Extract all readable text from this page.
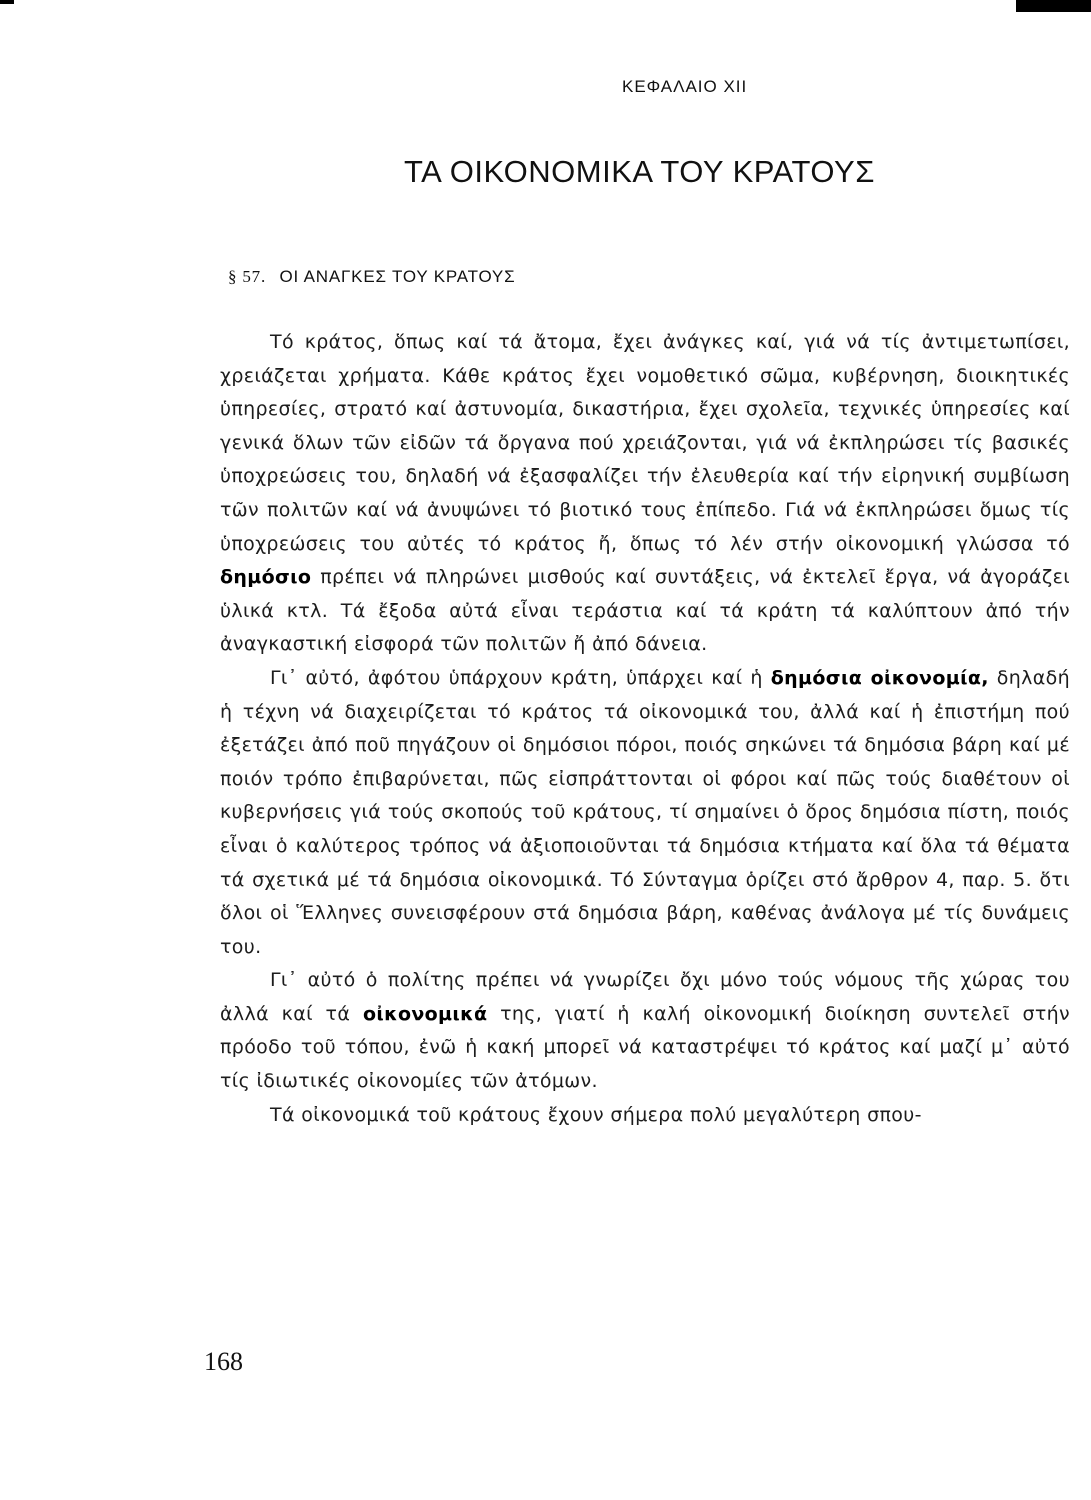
ΚΕΦΑΛΑΙΟ XII
ΤΑ ΟΙΚΟΝΟΜΙΚΑ ΤΟΥ ΚΡΑΤΟΥΣ
§ 57. ΟΙ ΑΝΑΓΚΕΣ ΤΟΥ ΚΡΑΤΟΥΣ

Τό κράτος, ὅπως καί τά ἄτομα, ἔχει ἀνάγκες καί, γιά νά τίς ἀντιμετωπίσει, χρειάζεται χρήματα. Κάθε κράτος ἔχει νομοθετικό σῶμα, κυβέρνηση, διοικητικές ὑπηρεσίες, στρατό καί ἀστυνομία, δικαστήρια, ἔχει σχολεῖα, τεχνικές ὑπηρεσίες καί γενικά ὅλων τῶν εἰδῶν τά ὄργανα πού χρειάζονται, γιά νά ἐκπληρώσει τίς βασικές ὑποχρεώσεις του, δηλαδή νά ἐξασφαλίζει τήν ἐλευθερία καί τήν εἰρηνική συμβίωση τῶν πολιτῶν καί νά ἀνυψώνει τό βιοτικό τους ἐπίπεδο. Γιά νά ἐκπληρώσει ὅμως τίς ὑποχρεώσεις του αὐτές τό κράτος ἤ, ὅπως τό λέν στήν οἰκονομική γλώσσα τό δημόσιο πρέπει νά πληρώνει μισθούς καί συντάξεις, νά ἐκτελεῖ ἔργα, νά ἀγοράζει ὑλικά κτλ. Τά ἔξοδα αὐτά εἶναι τεράστια καί τά κράτη τά καλύπτουν ἀπό τήν ἀναγκαστική εἰσφορά τῶν πολιτῶν ἤ ἀπό δάνεια.

Γι᾽ αὐτό, ἀφότου ὑπάρχουν κράτη, ὑπάρχει καί ἡ δημόσια οἰκονομία, δηλαδή ἡ τέχνη νά διαχειρίζεται τό κράτος τά οἰκονομικά του, ἀλλά καί ἡ ἐπιστήμη πού ἐξετάζει ἀπό ποῦ πηγάζουν οἱ δημόσιοι πόροι, ποιός σηκώνει τά δημόσια βάρη καί μέ ποιόν τρόπο ἐπιβαρύνεται, πῶς εἰσπράττονται οἱ φόροι καί πῶς τούς διαθέτουν οἱ κυβερνήσεις γιά τούς σκοπούς τοῦ κράτους, τί σημαίνει ὁ ὅρος δημόσια πίστη, ποιός εἶναι ὁ καλύτερος τρόπος νά ἀξιοποιοῦνται τά δημόσια κτήματα καί ὅλα τά θέματα τά σχετικά μέ τά δημόσια οἰκονομικά. Τό Σύνταγμα ὁρίζει στό ἄρθρον 4, παρ. 5. ὅτι ὅλοι οἱ Ἕλληνες συνεισφέρουν στά δημόσια βάρη, καθένας ἀνάλογα μέ τίς δυνάμεις του.

Γι᾽ αὐτό ὁ πολίτης πρέπει νά γνωρίζει ὄχι μόνο τούς νόμους τῆς χώρας του ἀλλά καί τά οἰκονομικά της, γιατί ἡ καλή οἰκονομική διοίκηση συντελεῖ στήν πρόοδο τοῦ τόπου, ἐνῶ ἡ κακή μπορεῖ νά καταστρέψει τό κράτος καί μαζί μ᾽ αὐτό τίς ἰδιωτικές οἰκονομίες τῶν ἀτόμων.

Τά οἰκονομικά τοῦ κράτους ἔχουν σήμερα πολύ μεγαλύτερη σπου-

168
